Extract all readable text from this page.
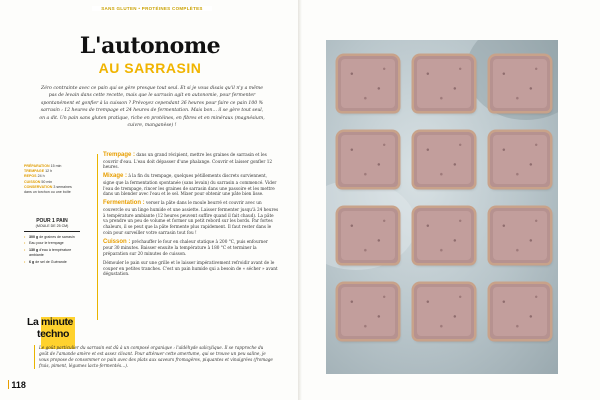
SANS GLUTEN • PROTÉINES COMPLÈTES
L'autonome
AU SARRASIN

Zéro contrainte avec ce pain qui se gère presque tout seul. Et si je vous disais qu'il n'y a même pas de levain dans cette recette, mais que le sarrasin agit en autonomie, pour fermenter spontanément et gonfler à la cuisson ? Prévoyez cependant 36 heures pour faire ce pain 100 % sarrasin : 12 heures de trempage et 24 heures de fermentation. Mais bon… il se gère tout seul, on a dit. Un pain sans gluten pratique, riche en protéines, en fibres et en minéraux (magnésium, cuivre, manganèse) !

PRÉPARATION 15 min
TREMPAGE 12 h
REPOS 24 h
CUISSON 50 min
CONSERVATION 3 semaines dans un torchon ou une boîte
POUR 1 PAIN
(MOULE DE 25 CM)
• 300 g de graines de sarrasin
• Eau pour le trempage
• 130 g d'eau à température ambiante
• 6 g de sel de Guérande

Trempage : dans un grand récipient, mettre les graines de sarrasin et les couvrir d'eau. L'eau doit dépasser d'une phalange. Couvrir et laisser gonfler 12 heures.

Mixage : à la fin du trempage, quelques pétillements discrets surviennent, signe que la fermentation spontanée (sans levain) du sarrasin a commencé. Vider l'eau de trempage, rincer les graines de sarrasin dans une passoire et les mettre dans un blender avec l'eau et le sel. Mixer pour obtenir une pâte bien lisse.

Fermentation : verser la pâte dans le moule beurré et couvrir avec un couvercle ou un linge humide et une assiette. Laisser fermenter jusqu'à 24 heures à température ambiante (12 heures peuvent suffire quand il fait chaud). La pâte va prendre un peu de volume et former un petit rebord sur les bords. Par fortes chaleurs, il se peut que la pâte fermente plus rapidement. Il faut rester dans le coin pour surveiller votre sarrasin tout fou !

Cuisson : préchauffer le four en chaleur statique à 200 °C, puis enfourner pour 30 minutes. Baisser ensuite la température à 180 °C et terminer la préparation sur 20 minutes de cuisson.

Démouler le pain sur une grille et le laisser impérativement refroidir avant de le couper en petites tranches. C'est un pain humide qui a besoin de « sécher » avant dégustation.

La minute
techno

Le goût particulier du sarrasin est dû à un composé organique : l'aldéhyde salicylique. Il se rapproche du goût de l'amande amère et est assez clivant. Pour atténuer cette amertume, qui se trouve un peu saline, je vous propose de consommer ce pain avec des plats aux saveurs fromagères, piquantes et vinaigrées (fromage frais, piment, légumes lacto-fermentés…).

118
